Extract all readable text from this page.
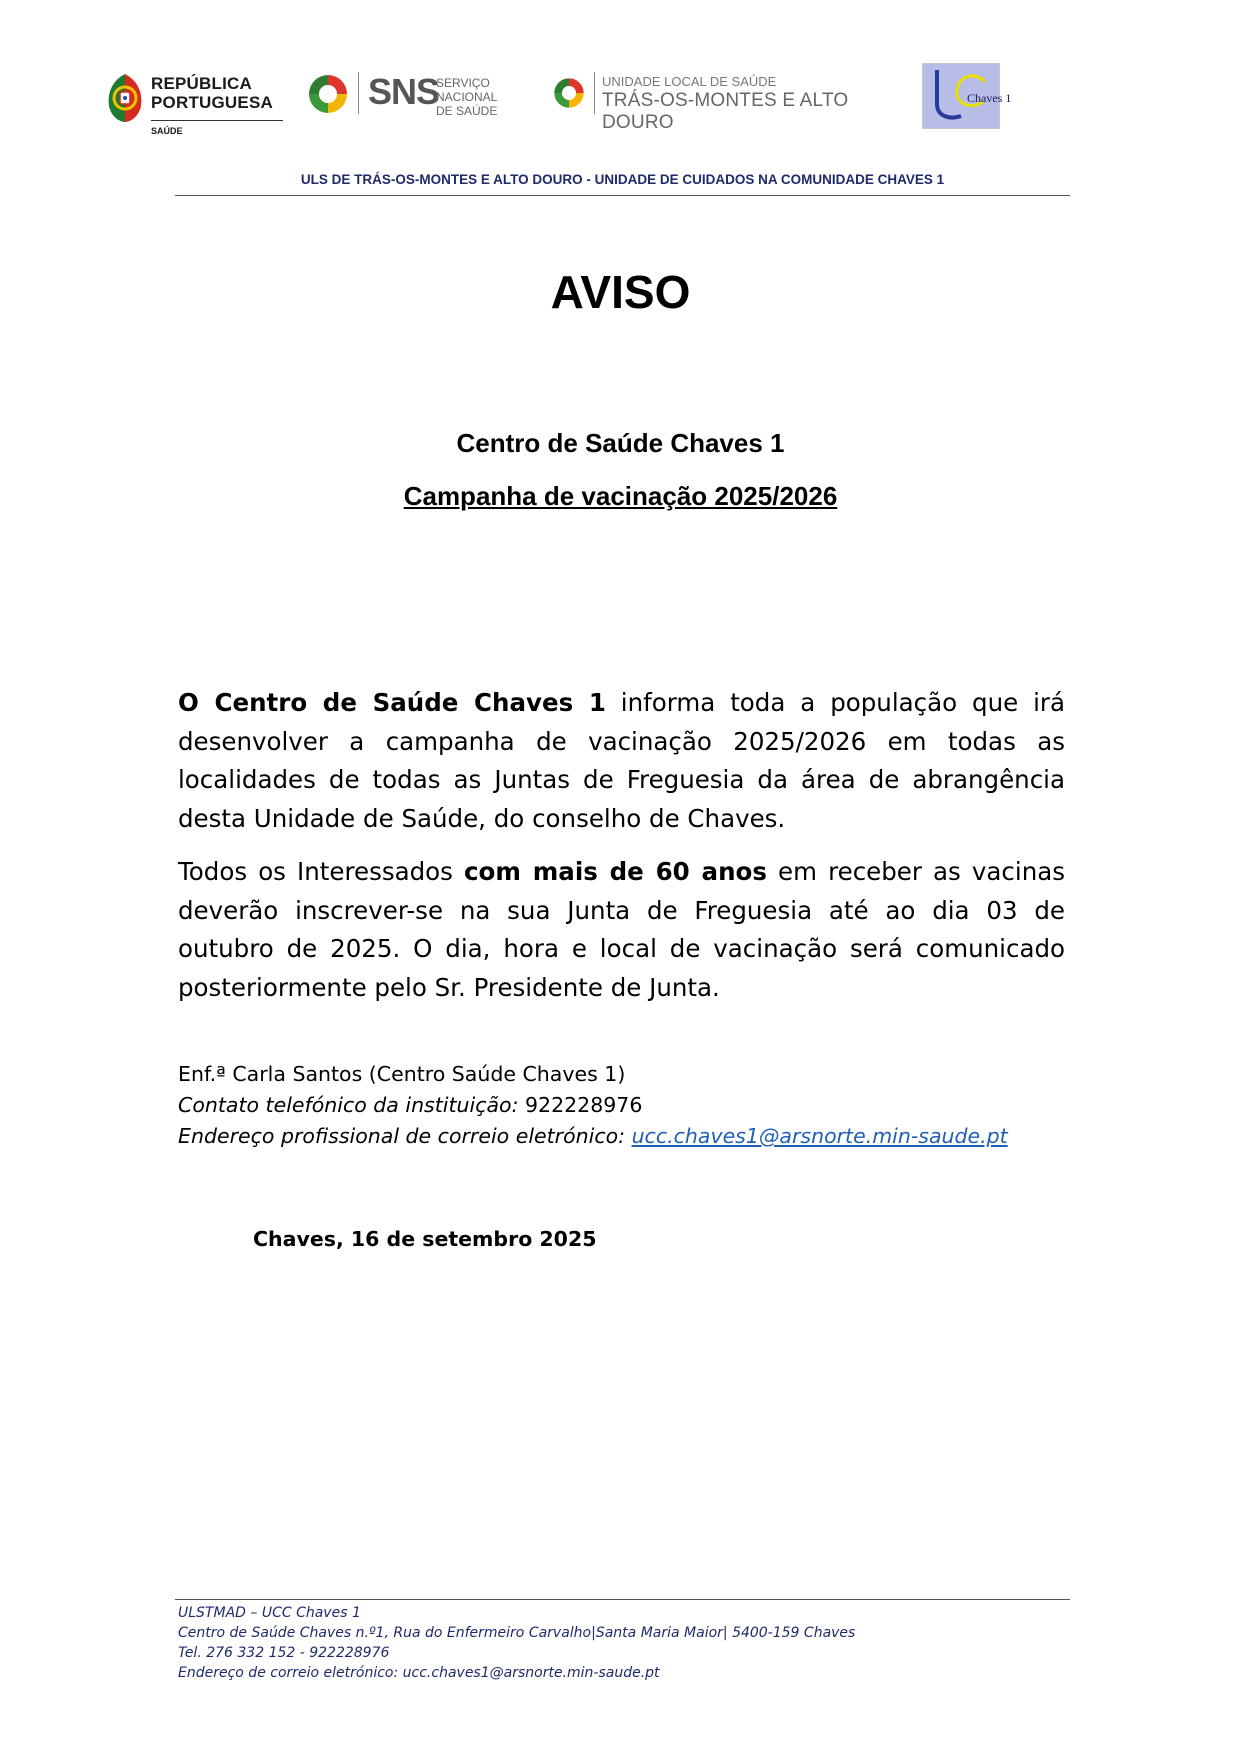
REPÚBLICA
PORTUGUESA
SAÚDE
SNS
SERVIÇO NACIONAL
DE SAÚDE
UNIDADE LOCAL DE SAÚDE
TRÁS-OS-MONTES E ALTO DOURO
Chaves 1
ULS DE TRÁS-OS-MONTES E ALTO DOURO - UNIDADE DE CUIDADOS NA COMUNIDADE CHAVES 1
AVISO
Centro de Saúde Chaves 1
Campanha de vacinação 2025/2026
O Centro de Saúde Chaves 1 informa toda a população que irá desenvolver a campanha de vacinação 2025/2026 em todas as localidades de todas as Juntas de Freguesia da área de abrangência desta Unidade de Saúde, do conselho de Chaves.
Todos os Interessados com mais de 60 anos em receber as vacinas deverão inscrever-se na sua Junta de Freguesia até ao dia 03 de outubro de 2025. O dia, hora e local de vacinação será comunicado posteriormente pelo Sr. Presidente de Junta.
Enf.ª Carla Santos (Centro Saúde Chaves 1)
Contato telefónico da instituição: 922228976
Endereço profissional de correio eletrónico: ucc.chaves1@arsnorte.min-saude.pt
Chaves, 16 de setembro 2025
ULSTMAD – UCC Chaves 1
Centro de Saúde Chaves n.º1, Rua do Enfermeiro Carvalho|Santa Maria Maior| 5400-159 Chaves
Tel. 276 332 152 - 922228976
Endereço de correio eletrónico: ucc.chaves1@arsnorte.min-saude.pt
